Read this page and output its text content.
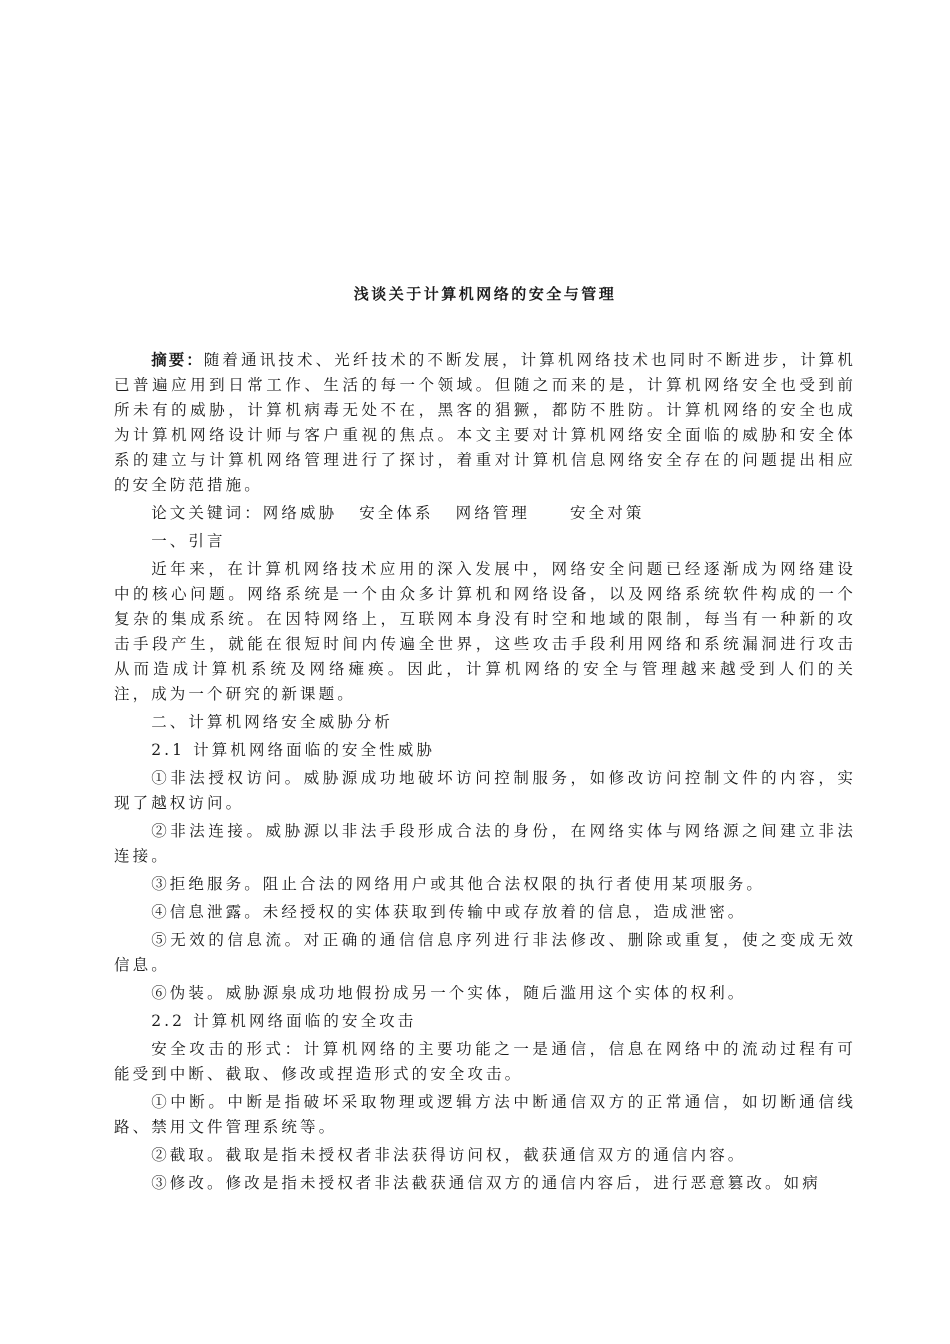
浅谈关于计算机网络的安全与管理

摘要：随着通讯技术、光纤技术的不断发展，计算机网络技术也同时不断进步，计算机已普遍应用到日常工作、生活的每一个领域。但随之而来的是，计算机网络安全也受到前所未有的威胁，计算机病毒无处不在，黑客的猖獗，都防不胜防。计算机网络的安全也成为计算机网络设计师与客户重视的焦点。本文主要对计算机网络安全面临的威胁和安全体系的建立与计算机网络管理进行了探讨，着重对计算机信息网络安全存在的问题提出相应的安全防范措施。

论文关键词：网络威胁 安全体系 网络管理	安全对策

一、引言

近年来，在计算机网络技术应用的深入发展中，网络安全问题已经逐渐成为网络建设中的核心问题。网络系统是一个由众多计算机和网络设备，以及网络系统软件构成的一个复杂的集成系统。在因特网络上，互联网本身没有时空和地域的限制，每当有一种新的攻击手段产生，就能在很短时间内传遍全世界，这些攻击手段利用网络和系统漏洞进行攻击从而造成计算机系统及网络瘫痪。因此，计算机网络的安全与管理越来越受到人们的关注，成为一个研究的新课题。

二、计算机网络安全威胁分析

2.1 计算机网络面临的安全性威胁

①非法授权访问。威胁源成功地破坏访问控制服务，如修改访问控制文件的内容，实现了越权访问。

②非法连接。威胁源以非法手段形成合法的身份，在网络实体与网络源之间建立非法连接。

③拒绝服务。阻止合法的网络用户或其他合法权限的执行者使用某项服务。

④信息泄露。未经授权的实体获取到传输中或存放着的信息，造成泄密。

⑤无效的信息流。对正确的通信信息序列进行非法修改、删除或重复，使之变成无效信息。

⑥伪装。威胁源泉成功地假扮成另一个实体，随后滥用这个实体的权利。

2.2 计算机网络面临的安全攻击

安全攻击的形式：计算机网络的主要功能之一是通信，信息在网络中的流动过程有可能受到中断、截取、修改或捏造形式的安全攻击。

①中断。中断是指破坏采取物理或逻辑方法中断通信双方的正常通信，如切断通信线路、禁用文件管理系统等。

②截取。截取是指未授权者非法获得访问权，截获通信双方的通信内容。

③修改。修改是指未授权者非法截获通信双方的通信内容后，进行恶意篡改。如病
